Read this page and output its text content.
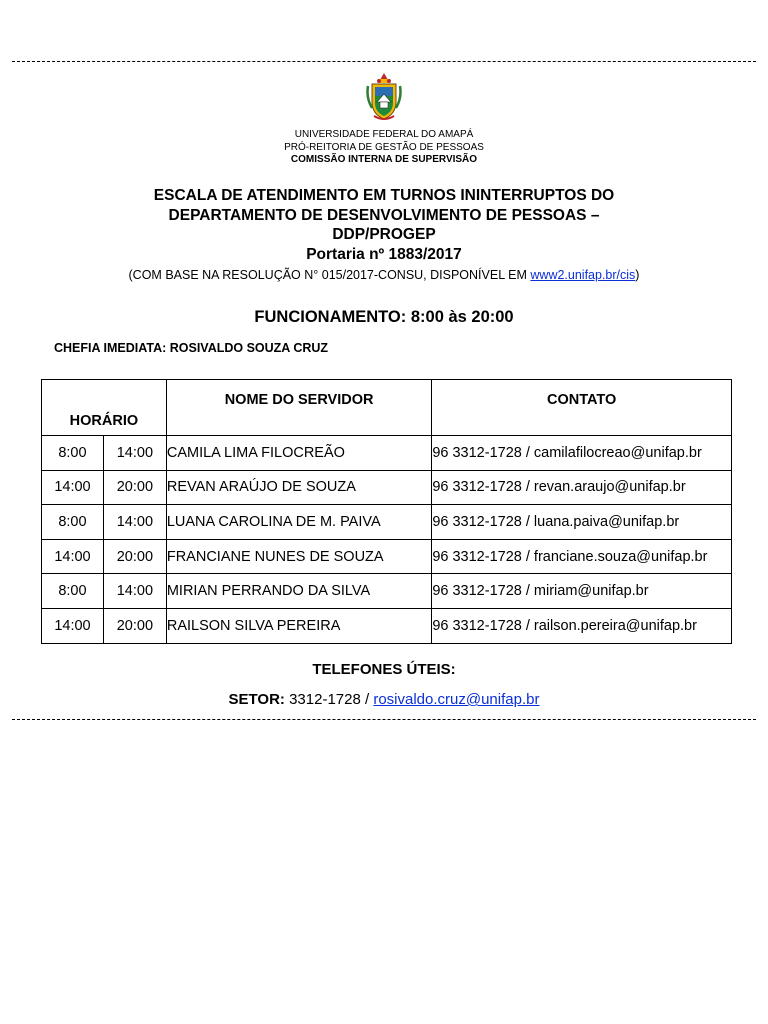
UNIVERSIDADE FEDERAL DO AMAPÁ
PRÓ-REITORIA DE GESTÃO DE PESSOAS
COMISSÃO INTERNA DE SUPERVISÃO
ESCALA DE ATENDIMENTO EM TURNOS ININTERRUPTOS DO
DEPARTAMENTO DE DESENVOLVIMENTO DE PESSOAS –
DDP/PROGEP
Portaria nº 1883/2017
(COM BASE NA RESOLUÇÃO N° 015/2017-CONSU, DISPONÍVEL EM www2.unifap.br/cis)
FUNCIONAMENTO: 8:00 às 20:00
CHEFIA IMEDIATA: ROSIVALDO SOUZA CRUZ
HORÁRIO		NOME DO SERVIDOR	CONTATO
8:00	14:00	CAMILA LIMA FILOCREÃO	96 3312-1728 / camilafilocreao@unifap.br
14:00	20:00	REVAN ARAÚJO DE SOUZA	96 3312-1728 / revan.araujo@unifap.br
8:00	14:00	LUANA CAROLINA DE M. PAIVA	96 3312-1728 / luana.paiva@unifap.br
14:00	20:00	FRANCIANE NUNES DE SOUZA	96 3312-1728 / franciane.souza@unifap.br
8:00	14:00	MIRIAN PERRANDO DA SILVA	96 3312-1728 / miriam@unifap.br
14:00	20:00	RAILSON SILVA PEREIRA	96 3312-1728 / railson.pereira@unifap.br
TELEFONES ÚTEIS:
SETOR: 3312-1728 / rosivaldo.cruz@unifap.br
